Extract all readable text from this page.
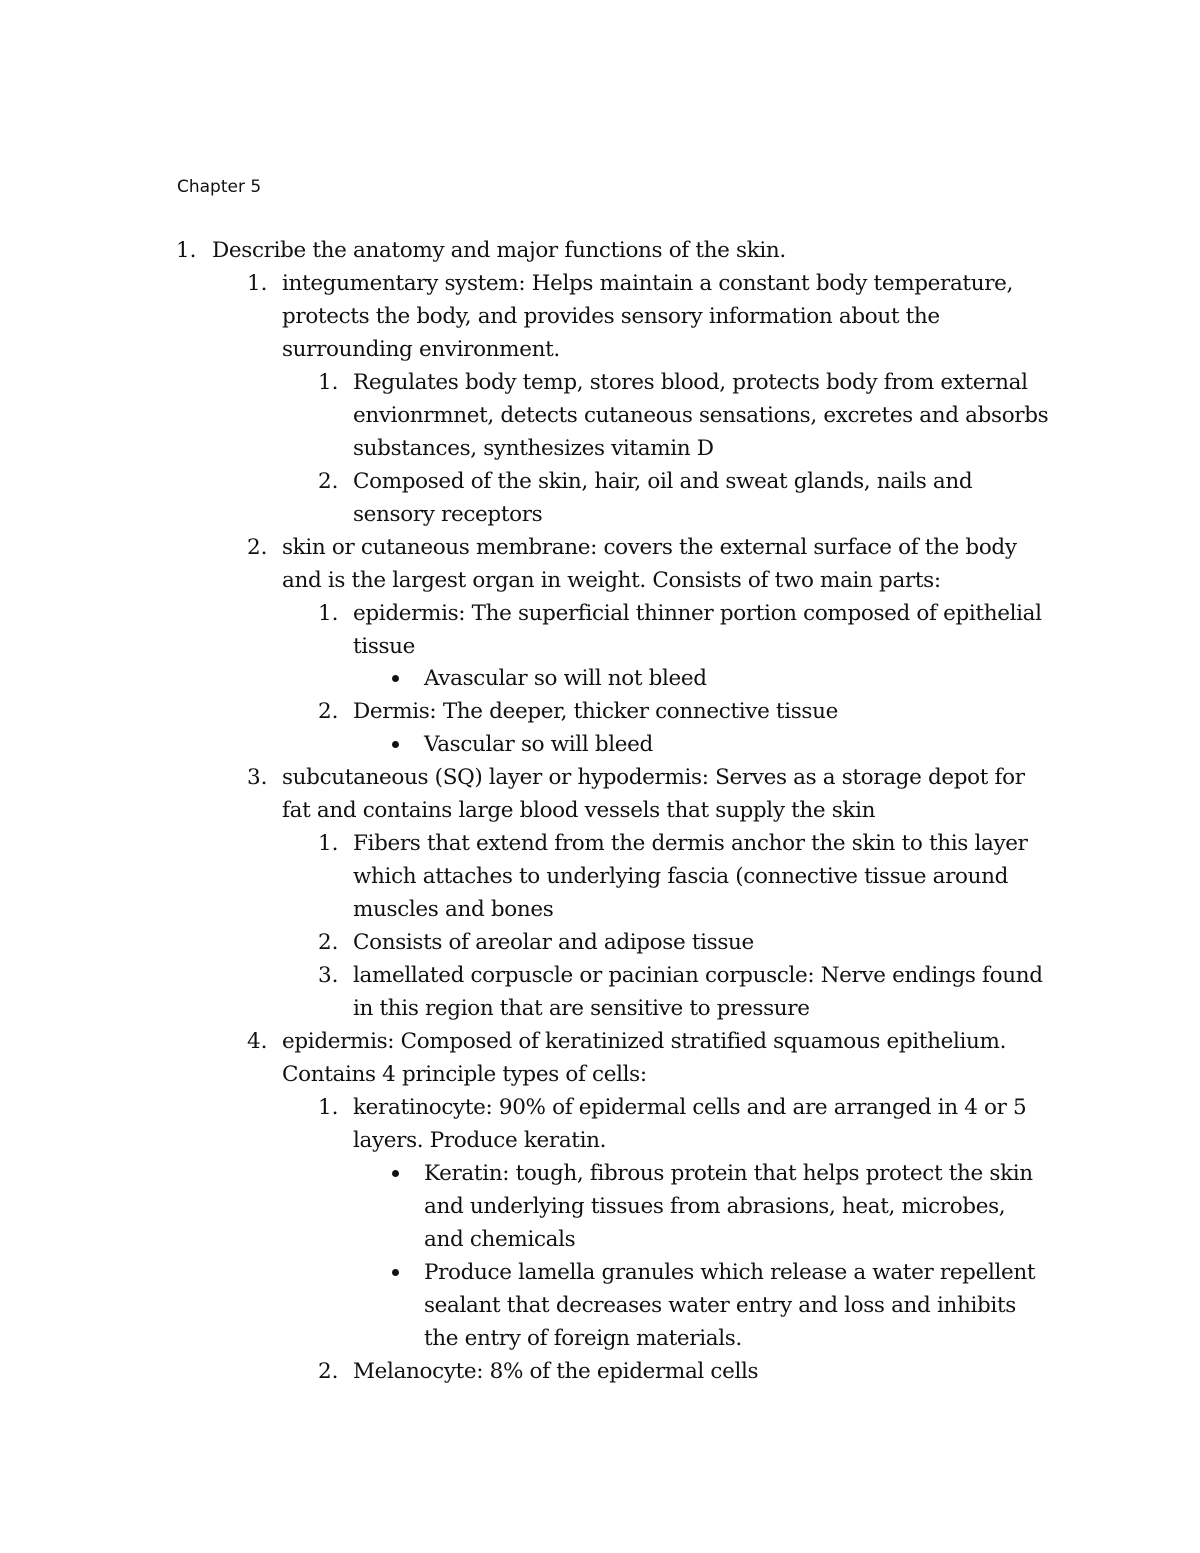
Chapter 5
1. Describe the anatomy and major functions of the skin.
1. integumentary system: Helps maintain a constant body temperature,
protects the body, and provides sensory information about the
surrounding environment.
1. Regulates body temp, stores blood, protects body from external
envionrmnet, detects cutaneous sensations, excretes and absorbs
substances, synthesizes vitamin D
2. Composed of the skin, hair, oil and sweat glands, nails and
sensory receptors
2. skin or cutaneous membrane: covers the external surface of the body
and is the largest organ in weight. Consists of two main parts:
1. epidermis: The superficial thinner portion composed of epithelial
tissue
Avascular so will not bleed
2. Dermis: The deeper, thicker connective tissue
Vascular so will bleed
3. subcutaneous (SQ) layer or hypodermis: Serves as a storage depot for
fat and contains large blood vessels that supply the skin
1. Fibers that extend from the dermis anchor the skin to this layer
which attaches to underlying fascia (connective tissue around
muscles and bones
2. Consists of areolar and adipose tissue
3. lamellated corpuscle or pacinian corpuscle: Nerve endings found
in this region that are sensitive to pressure
4. epidermis: Composed of keratinized stratified squamous epithelium.
Contains 4 principle types of cells:
1. keratinocyte: 90% of epidermal cells and are arranged in 4 or 5
layers. Produce keratin.
Keratin: tough, fibrous protein that helps protect the skin
and underlying tissues from abrasions, heat, microbes,
and chemicals
Produce lamella granules which release a water repellent
sealant that decreases water entry and loss and inhibits
the entry of foreign materials.
2. Melanocyte: 8% of the epidermal cells
